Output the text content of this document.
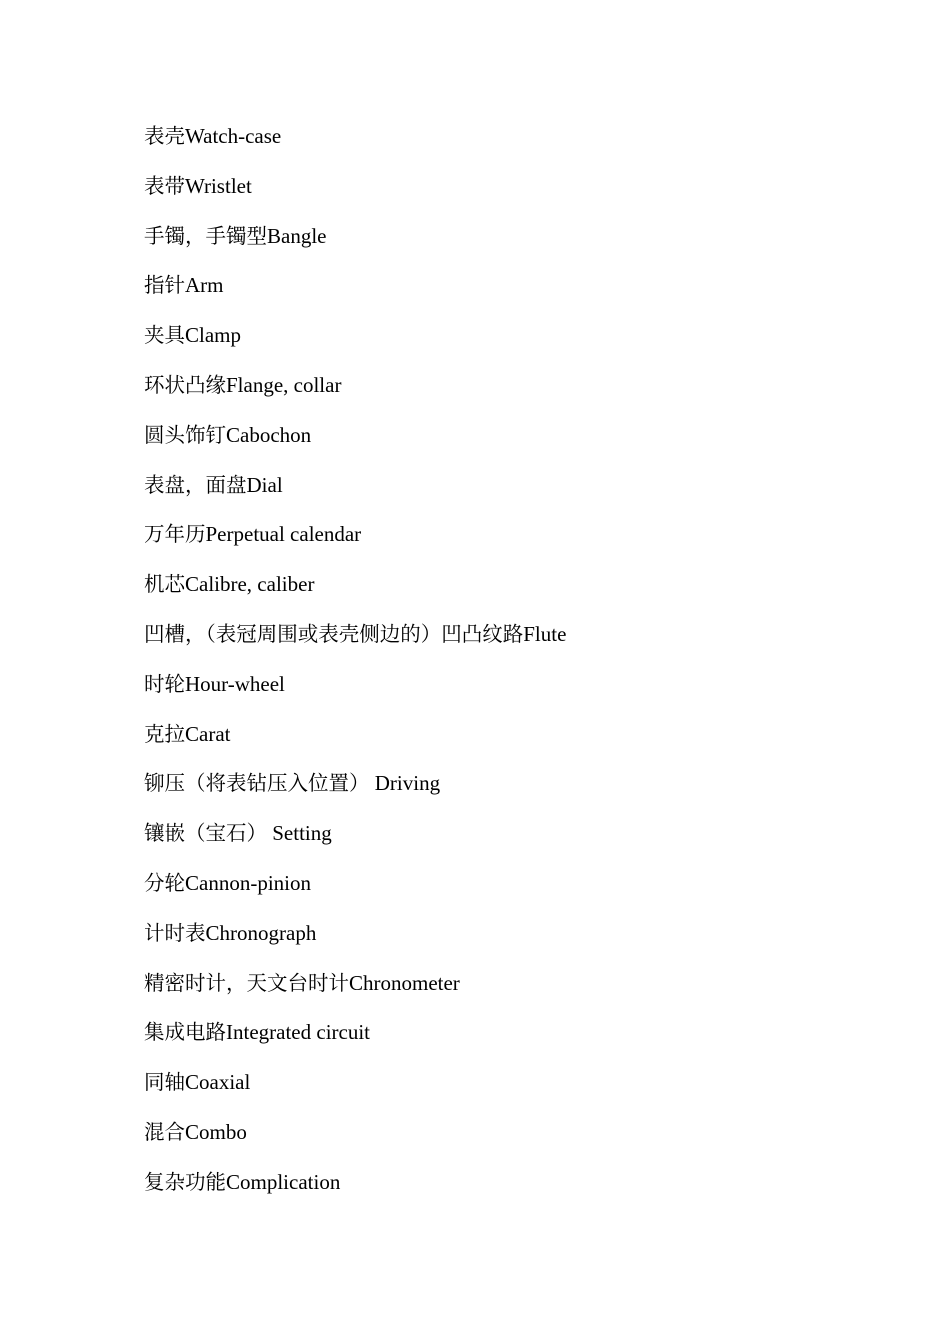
表壳Watch-case
表带Wristlet
手镯，手镯型Bangle
指针Arm
夹具Clamp
环状凸缘Flange, collar
圆头饰钉Cabochon
表盘，面盘Dial
万年历Perpetual calendar
机芯Calibre, caliber
凹槽，（表冠周围或表壳侧边的）凹凸纹路Flute
时轮Hour-wheel
克拉Carat
铆压（将表钻压入位置） Driving
镶嵌（宝石） Setting
分轮Cannon-pinion
计时表Chronograph
精密时计，天文台时计Chronometer
集成电路Integrated circuit
同轴Coaxial
混合Combo
复杂功能Complication
